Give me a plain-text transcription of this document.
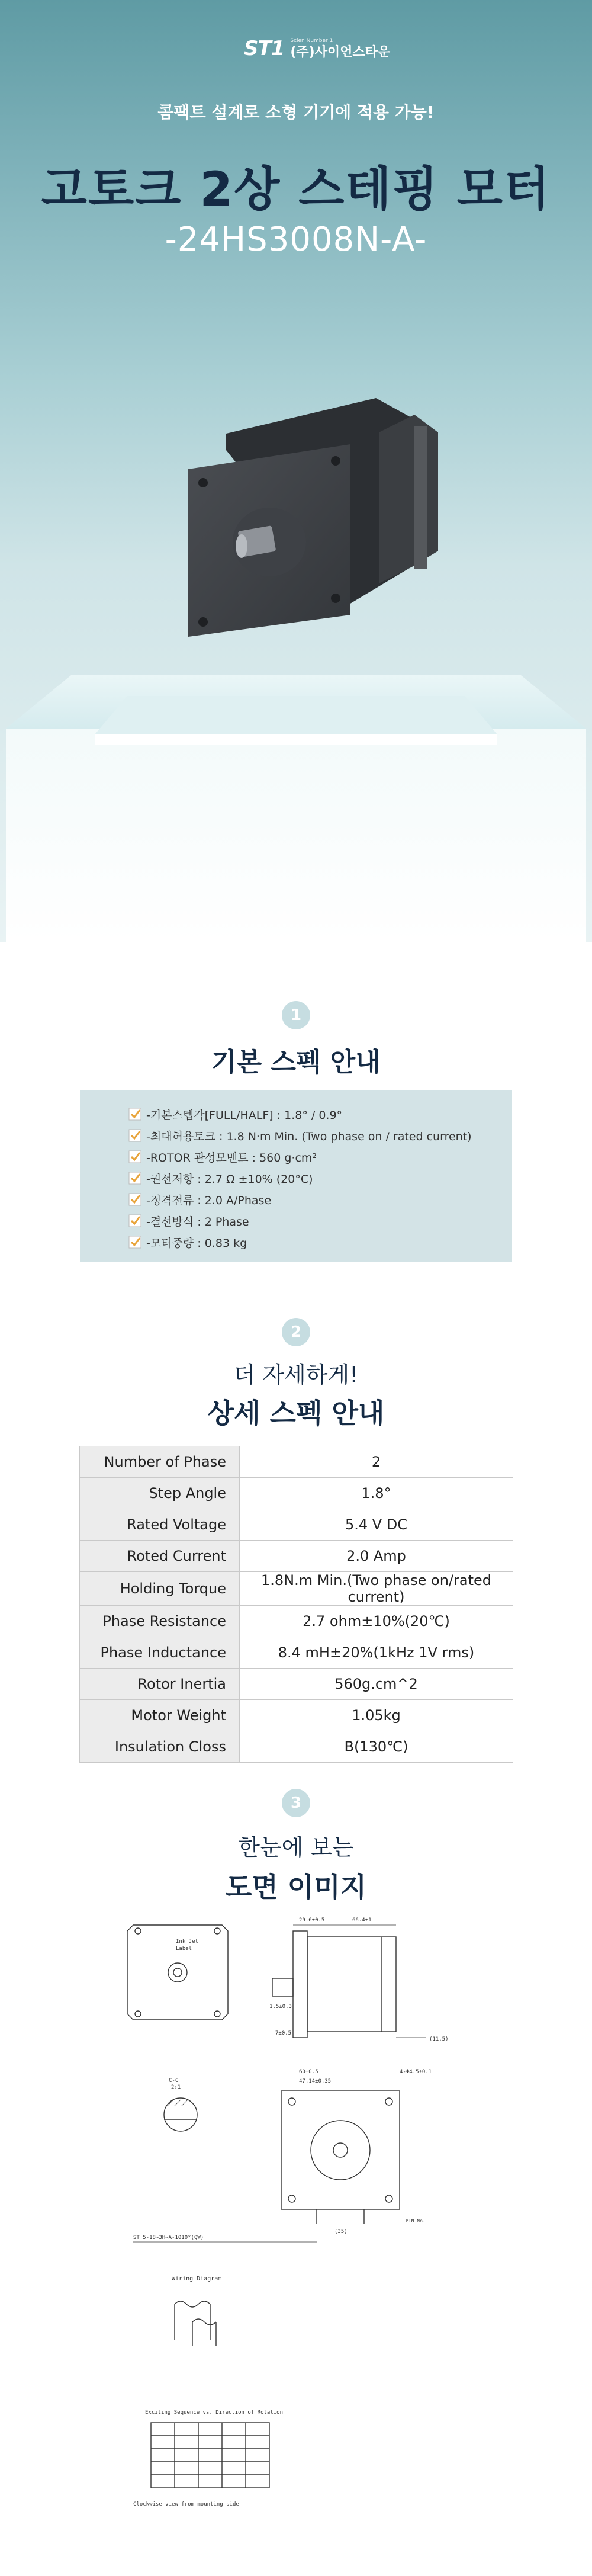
ST1 Scien Number 1
(주)사이언스타운
콤팩트 설계로 소형 기기에 적용 가능!
고토크 2상 스테핑 모터
-24HS3008N-A-
1
기본 스펙 안내
-기본스텝각[FULL/HALF] : 1.8° / 0.9°
-최대허용토크 : 1.8 N·m Min. (Two phase on / rated current)
-ROTOR 관성모멘트 : 560 g·cm²
-권선저항 : 2.7 Ω ±10% (20°C)
-정격전류 : 2.0 A/Phase
-결선방식 : 2 Phase
-모터중량 : 0.83 kg
2
더 자세하게!
상세 스펙 안내
Number of Phase	2
Step Angle	1.8°
Rated Voltage	5.4 V DC
Roted Current	2.0 Amp
Holding Torque	1.8N.m Min.(Two phase on/rated current)
Phase Resistance	2.7 ohm±10%(20℃)
Phase Inductance	8.4 mH±20%(1kHz 1V rms)
Rotor Inertia	560g.cm^2
Motor Weight	1.05kg
Insulation Closs	B(130℃)
3
한눈에 보는
도면 이미지
Ink Jet
Label
29.6±0.5	66.4±1
1.5±0.3
7±0.5
(11.5)
C-C
2:1
60±0.5
47.14±0.35
4-Φ4.5±0.1
(35)
PIN No.
ST 5-18~3H~A-1010*(QW)
Wiring Diagram
Exciting Sequence vs. Direction of Rotation
Clockwise view from mounting side
